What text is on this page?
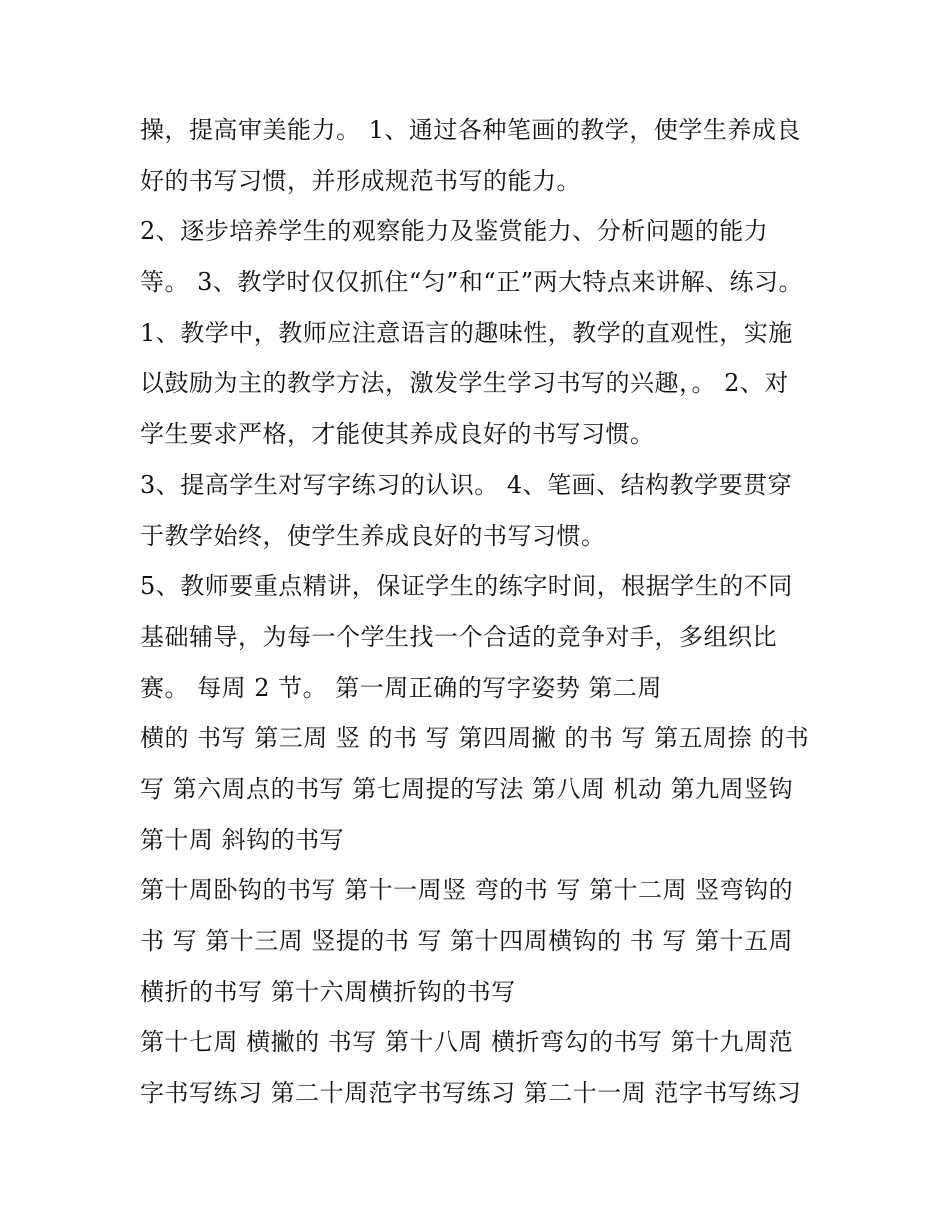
操，提高审美能力。 1、通过各种笔画的教学，使学生养成良
好的书写习惯，并形成规范书写的能力。
2、逐步培养学生的观察能力及鉴赏能力、分析问题的能力
等。 3、教学时仅仅抓住“匀”和“正”两大特点来讲解、练习。
1、教学中，教师应注意语言的趣味性，教学的直观性，实施
以鼓励为主的教学方法，激发学生学习书写的兴趣，。 2、对
学生要求严格，才能使其养成良好的书写习惯。
3、提高学生对写字练习的认识。 4、笔画、结构教学要贯穿
于教学始终，使学生养成良好的书写习惯。
5、教师要重点精讲，保证学生的练字时间，根据学生的不同
基础辅导，为每一个学生找一个合适的竞争对手，多组织比
赛。 每周 2 节。 第一周正确的写字姿势 第二周
横的 书写 第三周 竖 的书 写 第四周撇 的书 写 第五周捺 的书
写 第六周点的书写 第七周提的写法 第八周 机动 第九周竖钩
第十周 斜钩的书写
第十周卧钩的书写 第十一周竖 弯的书 写 第十二周 竖弯钩的
书 写 第十三周 竖提的书 写 第十四周横钩的 书 写 第十五周
横折的书写 第十六周横折钩的书写
第十七周 横撇的 书写 第十八周 横折弯勾的书写 第十九周范
字书写练习 第二十周范字书写练习 第二十一周 范字书写练习
